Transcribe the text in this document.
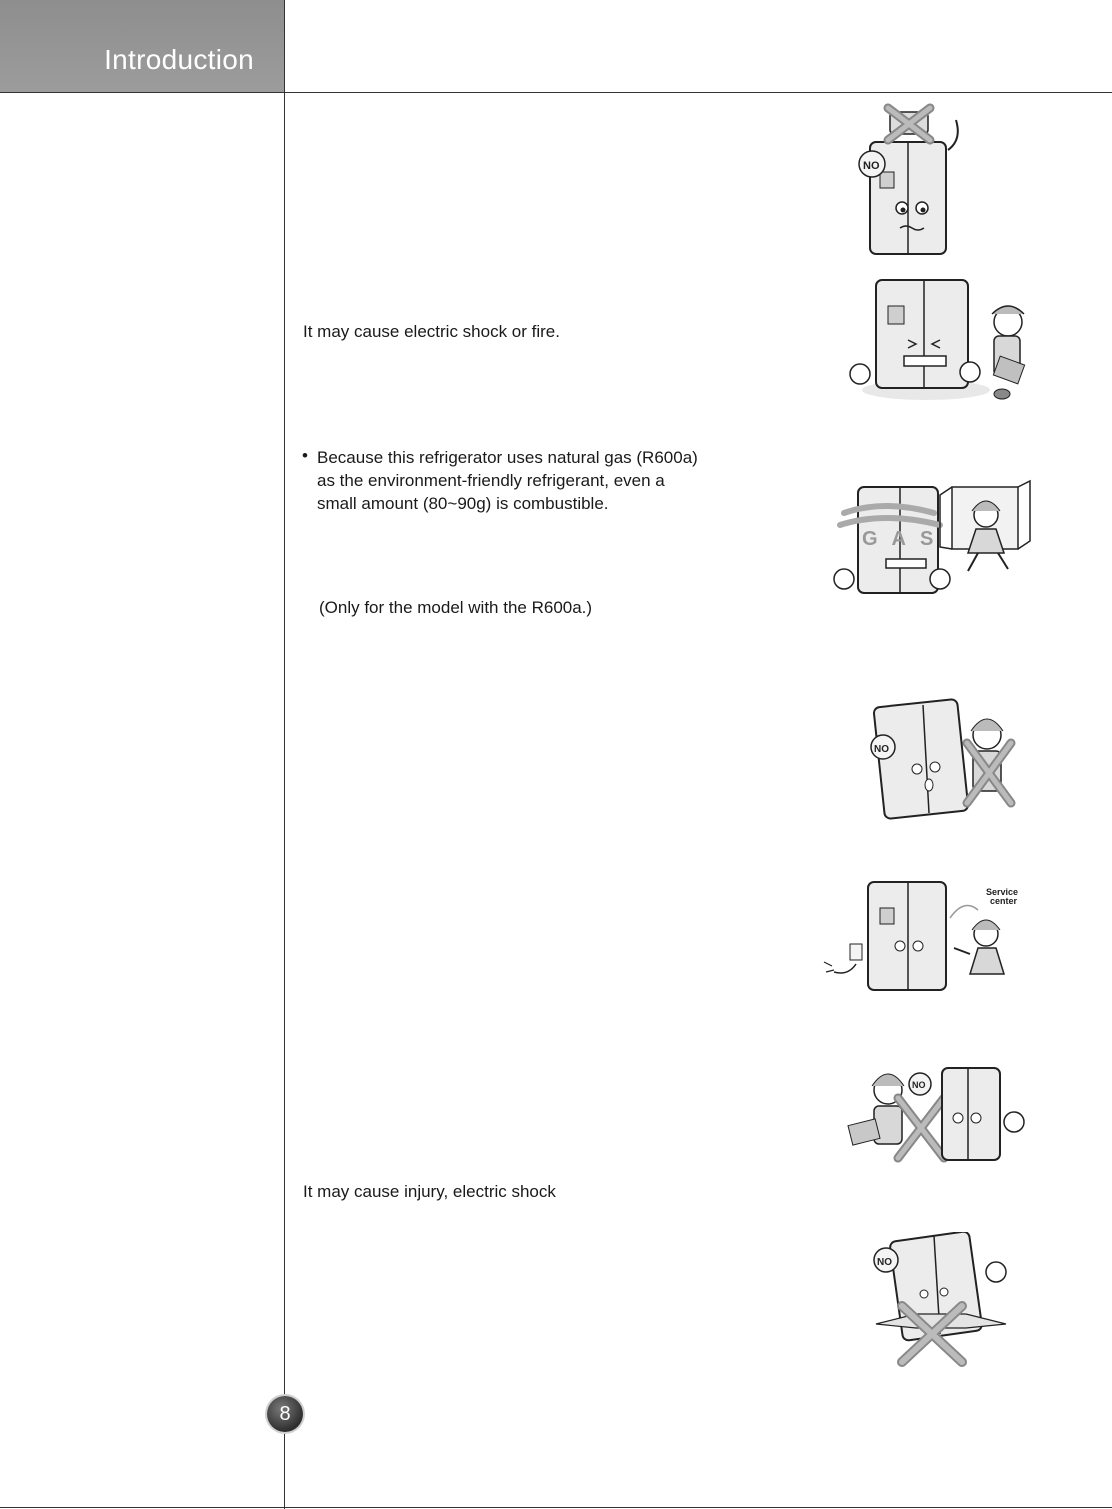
Introduction
It may cause electric shock or fire.
• Because this refrigerator uses natural gas (R600a)
as the environment-friendly refrigerant, even a
small amount (80~90g) is combustible.
(Only for the model with the R600a.)
It may cause injury, electric shock
NO
GAS
NO
Service
center
NO
NO
8
